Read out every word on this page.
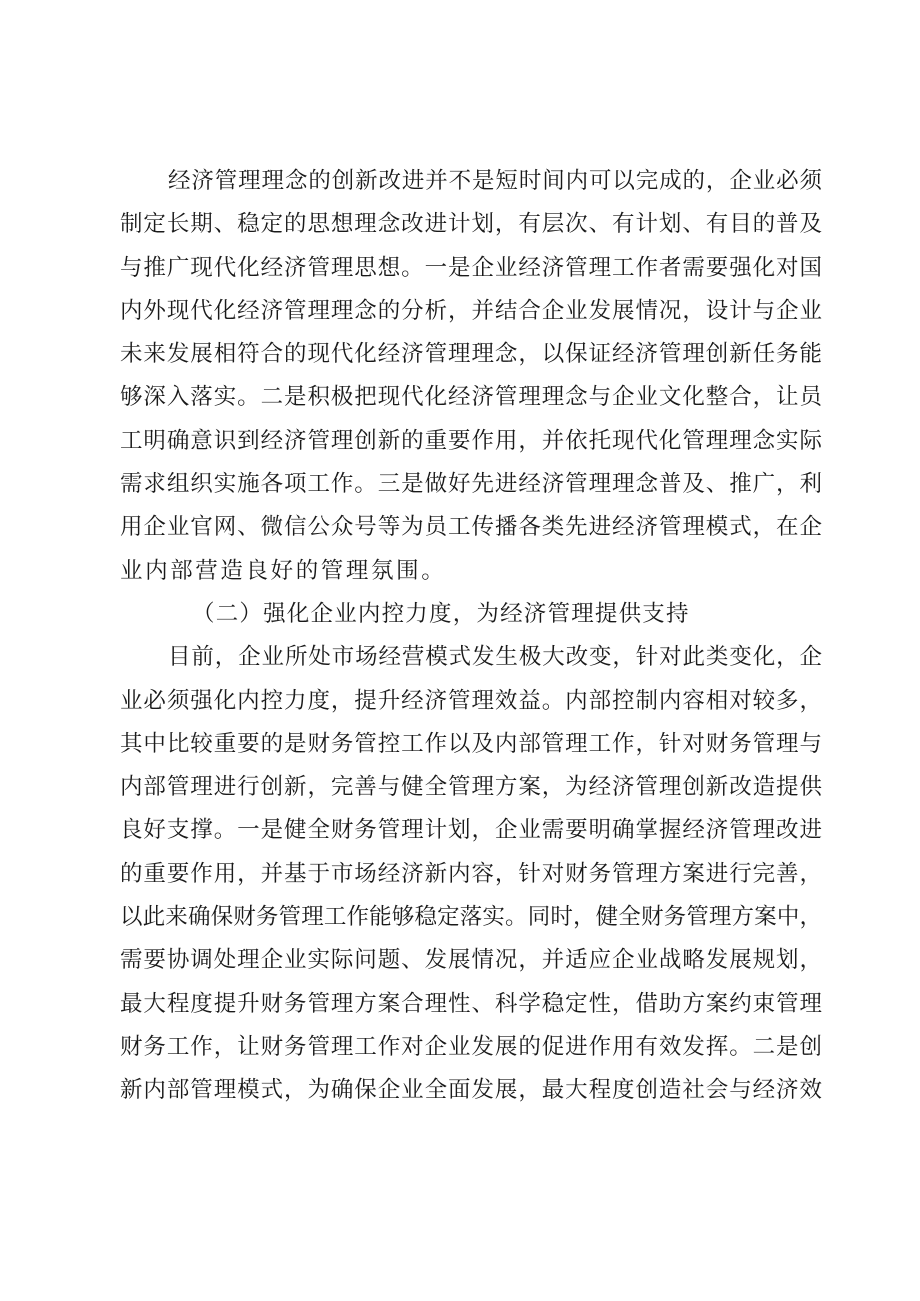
经济管理理念的创新改进并不是短时间内可以完成的，企业必须
制定长期、稳定的思想理念改进计划，有层次、有计划、有目的普及
与推广现代化经济管理思想。一是企业经济管理工作者需要强化对国
内外现代化经济管理理念的分析，并结合企业发展情况，设计与企业
未来发展相符合的现代化经济管理理念，以保证经济管理创新任务能
够深入落实。二是积极把现代化经济管理理念与企业文化整合，让员
工明确意识到经济管理创新的重要作用，并依托现代化管理理念实际
需求组织实施各项工作。三是做好先进经济管理理念普及、推广，利
用企业官网、微信公众号等为员工传播各类先进经济管理模式，在企
业内部营造良好的管理氛围。
（二）强化企业内控力度，为经济管理提供支持
目前，企业所处市场经营模式发生极大改变，针对此类变化，企
业必须强化内控力度，提升经济管理效益。内部控制内容相对较多，
其中比较重要的是财务管控工作以及内部管理工作，针对财务管理与
内部管理进行创新，完善与健全管理方案，为经济管理创新改造提供
良好支撑。一是健全财务管理计划，企业需要明确掌握经济管理改进
的重要作用，并基于市场经济新内容，针对财务管理方案进行完善，
以此来确保财务管理工作能够稳定落实。同时，健全财务管理方案中，
需要协调处理企业实际问题、发展情况，并适应企业战略发展规划，
最大程度提升财务管理方案合理性、科学稳定性，借助方案约束管理
财务工作，让财务管理工作对企业发展的促进作用有效发挥。二是创
新内部管理模式，为确保企业全面发展，最大程度创造社会与经济效
